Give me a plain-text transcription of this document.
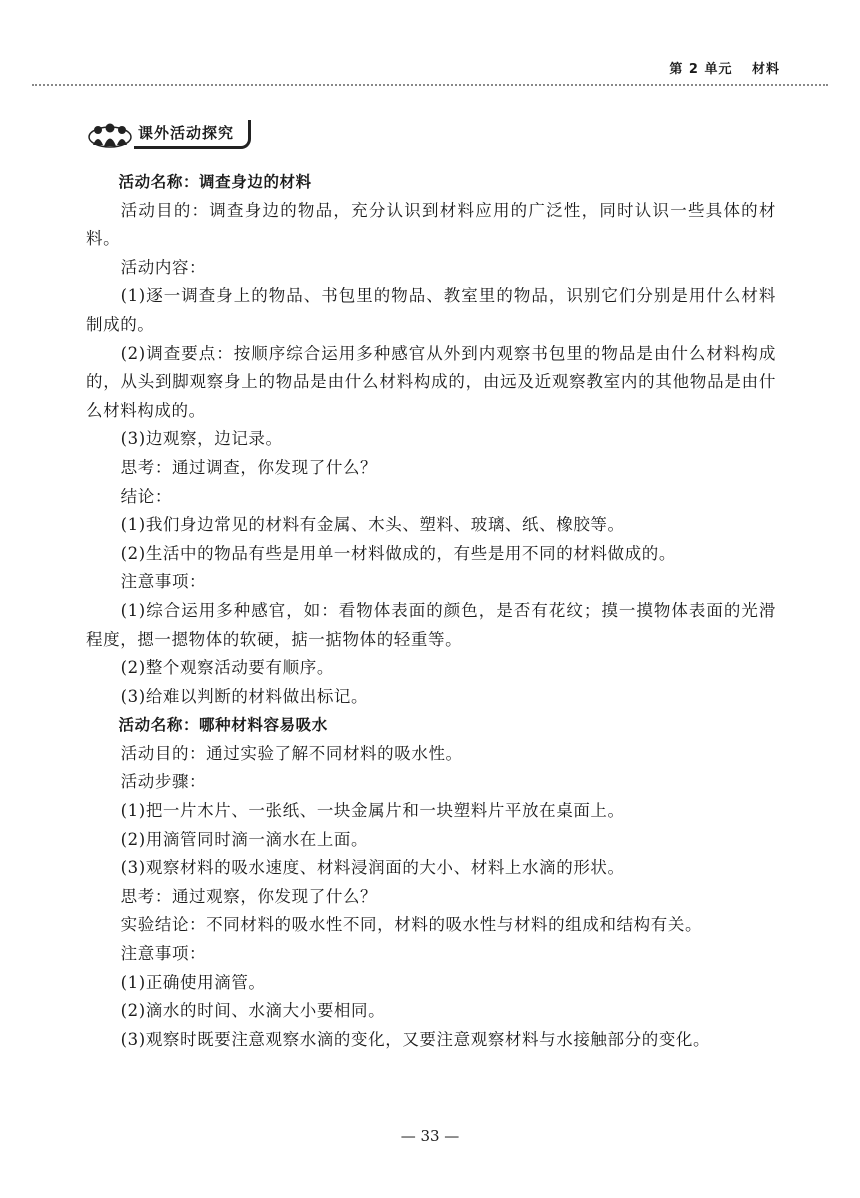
第 2 单元 材料
课外活动探究

活动名称：调查身边的材料

活动目的：调查身边的物品，充分认识到材料应用的广泛性，同时认识一些具体的材料。

活动内容：

(1)逐一调查身上的物品、书包里的物品、教室里的物品，识别它们分别是用什么材料制成的。

(2)调查要点：按顺序综合运用多种感官从外到内观察书包里的物品是由什么材料构成的，从头到脚观察身上的物品是由什么材料构成的，由远及近观察教室内的其他物品是由什么材料构成的。

(3)边观察，边记录。

思考：通过调查，你发现了什么？

结论：

(1)我们身边常见的材料有金属、木头、塑料、玻璃、纸、橡胶等。

(2)生活中的物品有些是用单一材料做成的，有些是用不同的材料做成的。

注意事项：

(1)综合运用多种感官，如：看物体表面的颜色，是否有花纹；摸一摸物体表面的光滑程度，摁一摁物体的软硬，掂一掂物体的轻重等。

(2)整个观察活动要有顺序。

(3)给难以判断的材料做出标记。

活动名称：哪种材料容易吸水

活动目的：通过实验了解不同材料的吸水性。

活动步骤：

(1)把一片木片、一张纸、一块金属片和一块塑料片平放在桌面上。

(2)用滴管同时滴一滴水在上面。

(3)观察材料的吸水速度、材料浸润面的大小、材料上水滴的形状。

思考：通过观察，你发现了什么？

实验结论：不同材料的吸水性不同，材料的吸水性与材料的组成和结构有关。

注意事项：

(1)正确使用滴管。

(2)滴水的时间、水滴大小要相同。

(3)观察时既要注意观察水滴的变化，又要注意观察材料与水接触部分的变化。

— 33 —
